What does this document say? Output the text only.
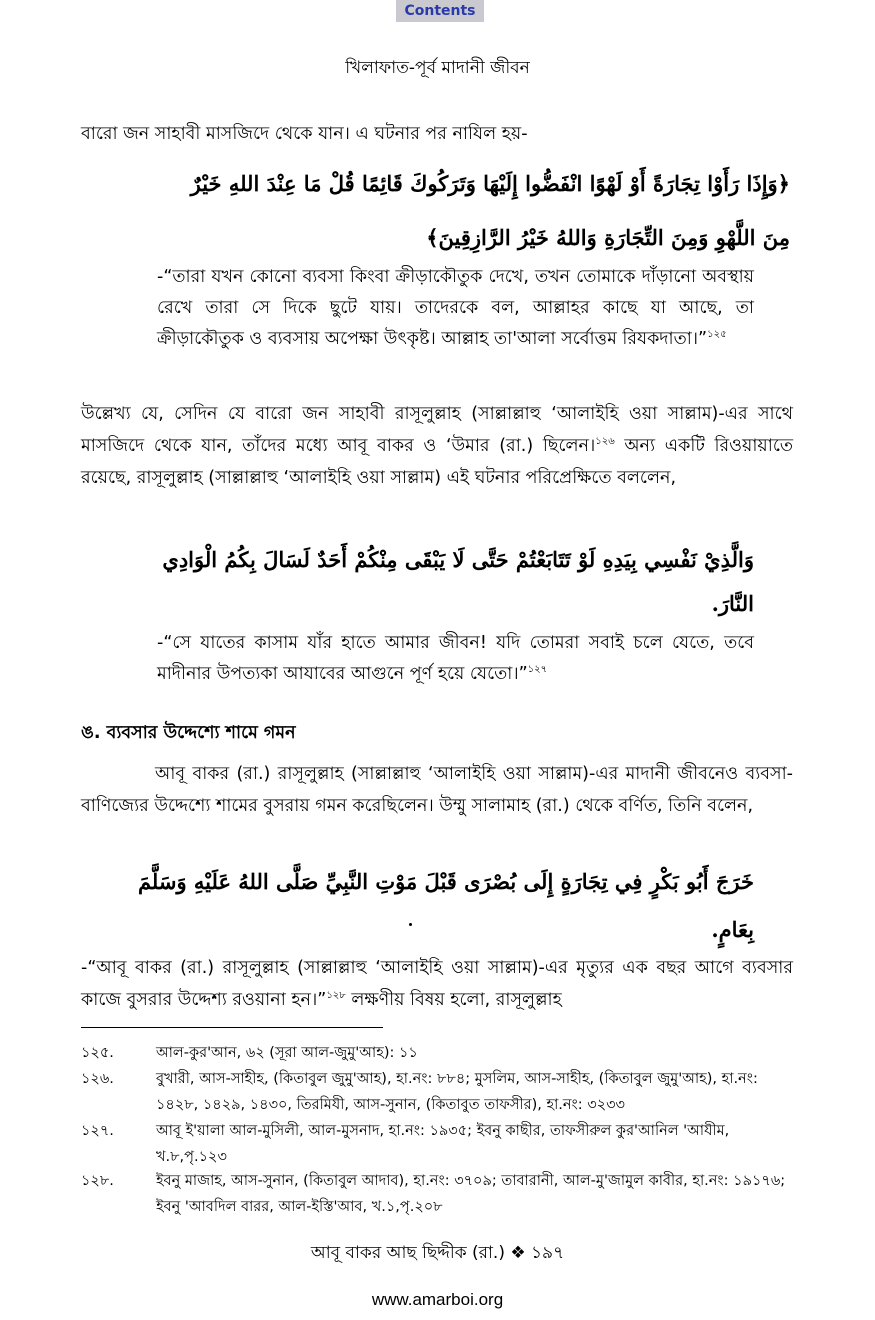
Contents
খিলাফাত-পূর্ব মাদানী জীবন
বারো জন সাহাবী মাসজিদে থেকে যান। এ ঘটনার পর নাযিল হয়-
﴿وَإِذَا رَأَوْا تِجَارَةً أَوْ لَهْوًا انْفَضُّوا إِلَيْهَا وَتَرَكُوكَ قَائِمًا قُلْ مَا عِنْدَ اللهِ خَيْرٌ
مِنَ اللَّهْوِ وَمِنَ التِّجَارَةِ وَاللهُ خَيْرُ الرَّازِقِينَ﴾
-“তারা যখন কোনো ব্যবসা কিংবা ক্রীড়াকৌতুক দেখে, তখন তোমাকে দাঁড়ানো অবস্থায় রেখে তারা সে দিকে ছুটে যায়। তাদেরকে বল, আল্লাহর কাছে যা আছে, তা ক্রীড়াকৌতুক ও ব্যবসায় অপেক্ষা উৎকৃষ্ট। আল্লাহ তা'আলা সর্বোত্তম রিযকদাতা।”$^{১২৫}$
উল্লেখ্য যে, সেদিন যে বারো জন সাহাবী রাসূলুল্লাহ (সাল্লাল্লাহু ‘আলাইহি ওয়া সাল্লাম)-এর সাথে মাসজিদে থেকে যান, তাঁদের মধ্যে আবূ বাকর ও ‘উমার (রা.) ছিলেন।$^{১২৬}$ অন্য একটি রিওয়ায়াতে রয়েছে, রাসূলুল্লাহ (সাল্লাল্লাহু ‘আলাইহি ওয়া সাল্লাম) এই ঘটনার পরিপ্রেক্ষিতে বললেন,
وَالَّذِيْ نَفْسِي بِيَدِهِ لَوْ تَتَابَعْتُمْ حَتَّى لَا يَبْقَى مِنْكُمْ أَحَدٌ لَسَالَ بِكُمُ الْوَادِي
النَّارَ.
-“সে যাতের কাসাম যাঁর হাতে আমার জীবন! যদি তোমরা সবাই চলে যেতে, তবে মাদীনার উপত্যকা আযাবের আগুনে পূর্ণ হয়ে যেতো।”$^{১২৭}$
ঙ. ব্যবসার উদ্দেশ্যে শামে গমন
আবূ বাকর (রা.) রাসূলুল্লাহ (সাল্লাল্লাহু ‘আলাইহি ওয়া সাল্লাম)-এর মাদানী জীবনেও ব্যবসা-বাণিজ্যের উদ্দেশ্যে শামের বুসরায় গমন করেছিলেন। উম্মু সালামাহ (রা.) থেকে বর্ণিত, তিনি বলেন,
خَرَجَ أَبُو بَكْرٍ فِي تِجَارَةٍ إِلَى بُصْرَى قَبْلَ مَوْتِ النَّبِيِّ صَلَّى اللهُ عَلَيْهِ وَسَلَّمَ
بِعَامٍ.
-“আবূ বাকর (রা.) রাসূলুল্লাহ (সাল্লাল্লাহু ‘আলাইহি ওয়া সাল্লাম)-এর মৃত্যুর এক বছর আগে ব্যবসার কাজে বুসরার উদ্দেশ্য রওয়ানা হন।”$^{১২৮}$ লক্ষণীয় বিষয় হলো, রাসূলুল্লাহ
১২৫.	আল-কুর'আন, ৬২ (সূরা আল-জুমু'আহ): ১১
১২৬.	বুখারী, আস-সাহীহ, (কিতাবুল জুমু'আহ), হা.নং: ৮৮৪; মুসলিম, আস-সাহীহ, (কিতাবুল জুমু'আহ), হা.নং: ১৪২৮, ১৪২৯, ১৪৩০, তিরমিযী, আস-সুনান, (কিতাবুত তাফসীর), হা.নং: ৩২৩৩
১২৭.	আবূ ই'য়ালা আল-মুসিলী, আল-মুসনাদ, হা.নং: ১৯৩৫; ইবনু কাছীর, তাফসীরুল কুর'আনিল 'আযীম, খ.৮,পৃ.১২৩
১২৮.	ইবনু মাজাহ, আস-সুনান, (কিতাবুল আদাব), হা.নং: ৩৭০৯; তাবারানী, আল-মু'জামুল কাবীর, হা.নং: ১৯১৭৬; ইবনু 'আবদিল বারর, আল-ইস্তি'আব, খ.১,পৃ.২০৮
আবূ বাকর আছ ছিদ্দীক (রা.) ❖ ১৯৭
www.amarboi.org
